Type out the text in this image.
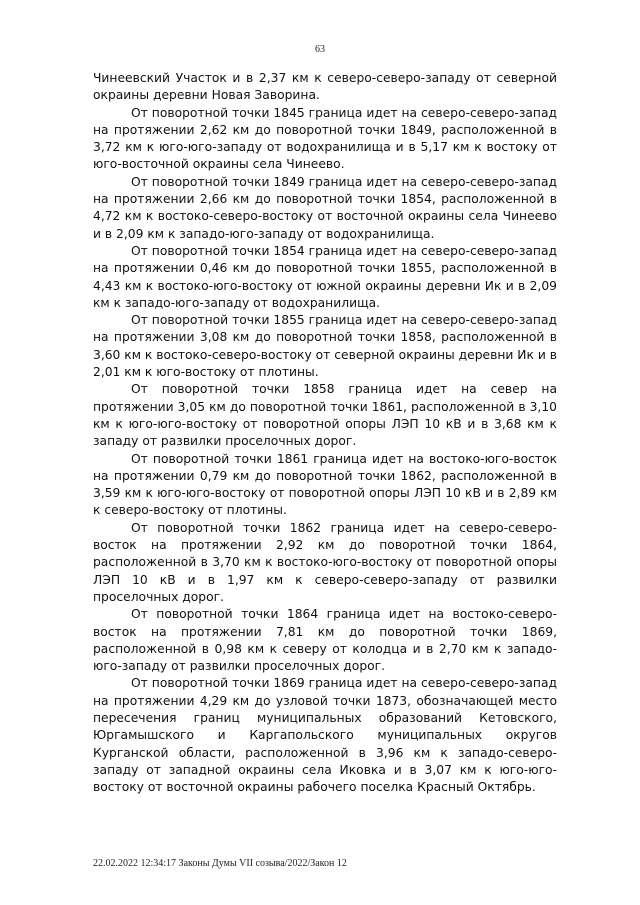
63

Чинеевский Участок и в 2,37 км к северо-северо-западу от северной окраины деревни Новая Заворина.

От поворотной точки 1845 граница идет на северо-северо-запад на протяжении 2,62 км до поворотной точки 1849, расположенной в 3,72 км к юго-юго-западу от водохранилища и в 5,17 км к востоку от юго-восточной окраины села Чинеево.

От поворотной точки 1849 граница идет на северо-северо-запад на протяжении 2,66 км до поворотной точки 1854, расположенной в 4,72 км к востоко-северо-востоку от восточной окраины села Чинеево и в 2,09 км к западо-юго-западу от водохранилища.

От поворотной точки 1854 граница идет на северо-северо-запад на протяжении 0,46 км до поворотной точки 1855, расположенной в 4,43 км к востоко-юго-востоку от южной окраины деревни Ик и в 2,09 км к западо-юго-западу от водохранилища.

От поворотной точки 1855 граница идет на северо-северо-запад на протяжении 3,08 км до поворотной точки 1858, расположенной в 3,60 км к востоко-северо-востоку от северной окраины деревни Ик и в 2,01 км к юго-востоку от плотины.

От поворотной точки 1858 граница идет на север на протяжении 3,05 км до поворотной точки 1861, расположенной в 3,10 км к юго-юго-востоку от поворотной опоры ЛЭП 10 кВ и в 3,68 км к западу от развилки проселочных дорог.

От поворотной точки 1861 граница идет на востоко-юго-восток на протяжении 0,79 км до поворотной точки 1862, расположенной в 3,59 км к юго-юго-востоку от поворотной опоры ЛЭП 10 кВ и в 2,89 км к северо-востоку от плотины.

От поворотной точки 1862 граница идет на северо-северо-восток на протяжении 2,92 км до поворотной точки 1864, расположенной в 3,70 км к востоко-юго-востоку от поворотной опоры ЛЭП 10 кВ и в 1,97 км к северо-северо-западу от развилки проселочных дорог.

От поворотной точки 1864 граница идет на востоко-северо-восток на протяжении 7,81 км до поворотной точки 1869, расположенной в 0,98 км к северу от колодца и в 2,70 км к западо-юго-западу от развилки проселочных дорог.

От поворотной точки 1869 граница идет на северо-северо-запад на протяжении 4,29 км до узловой точки 1873, обозначающей место пересечения границ муниципальных образований Кетовского, Юргамышского и Каргапольского муниципальных округов Курганской области, расположенной в 3,96 км к западо-северо-западу от западной окраины села Иковка и в 3,07 км к юго-юго-востоку от восточной окраины рабочего поселка Красный Октябрь.

22.02.2022 12:34:17 Законы Думы VII созыва/2022/Закон 12
